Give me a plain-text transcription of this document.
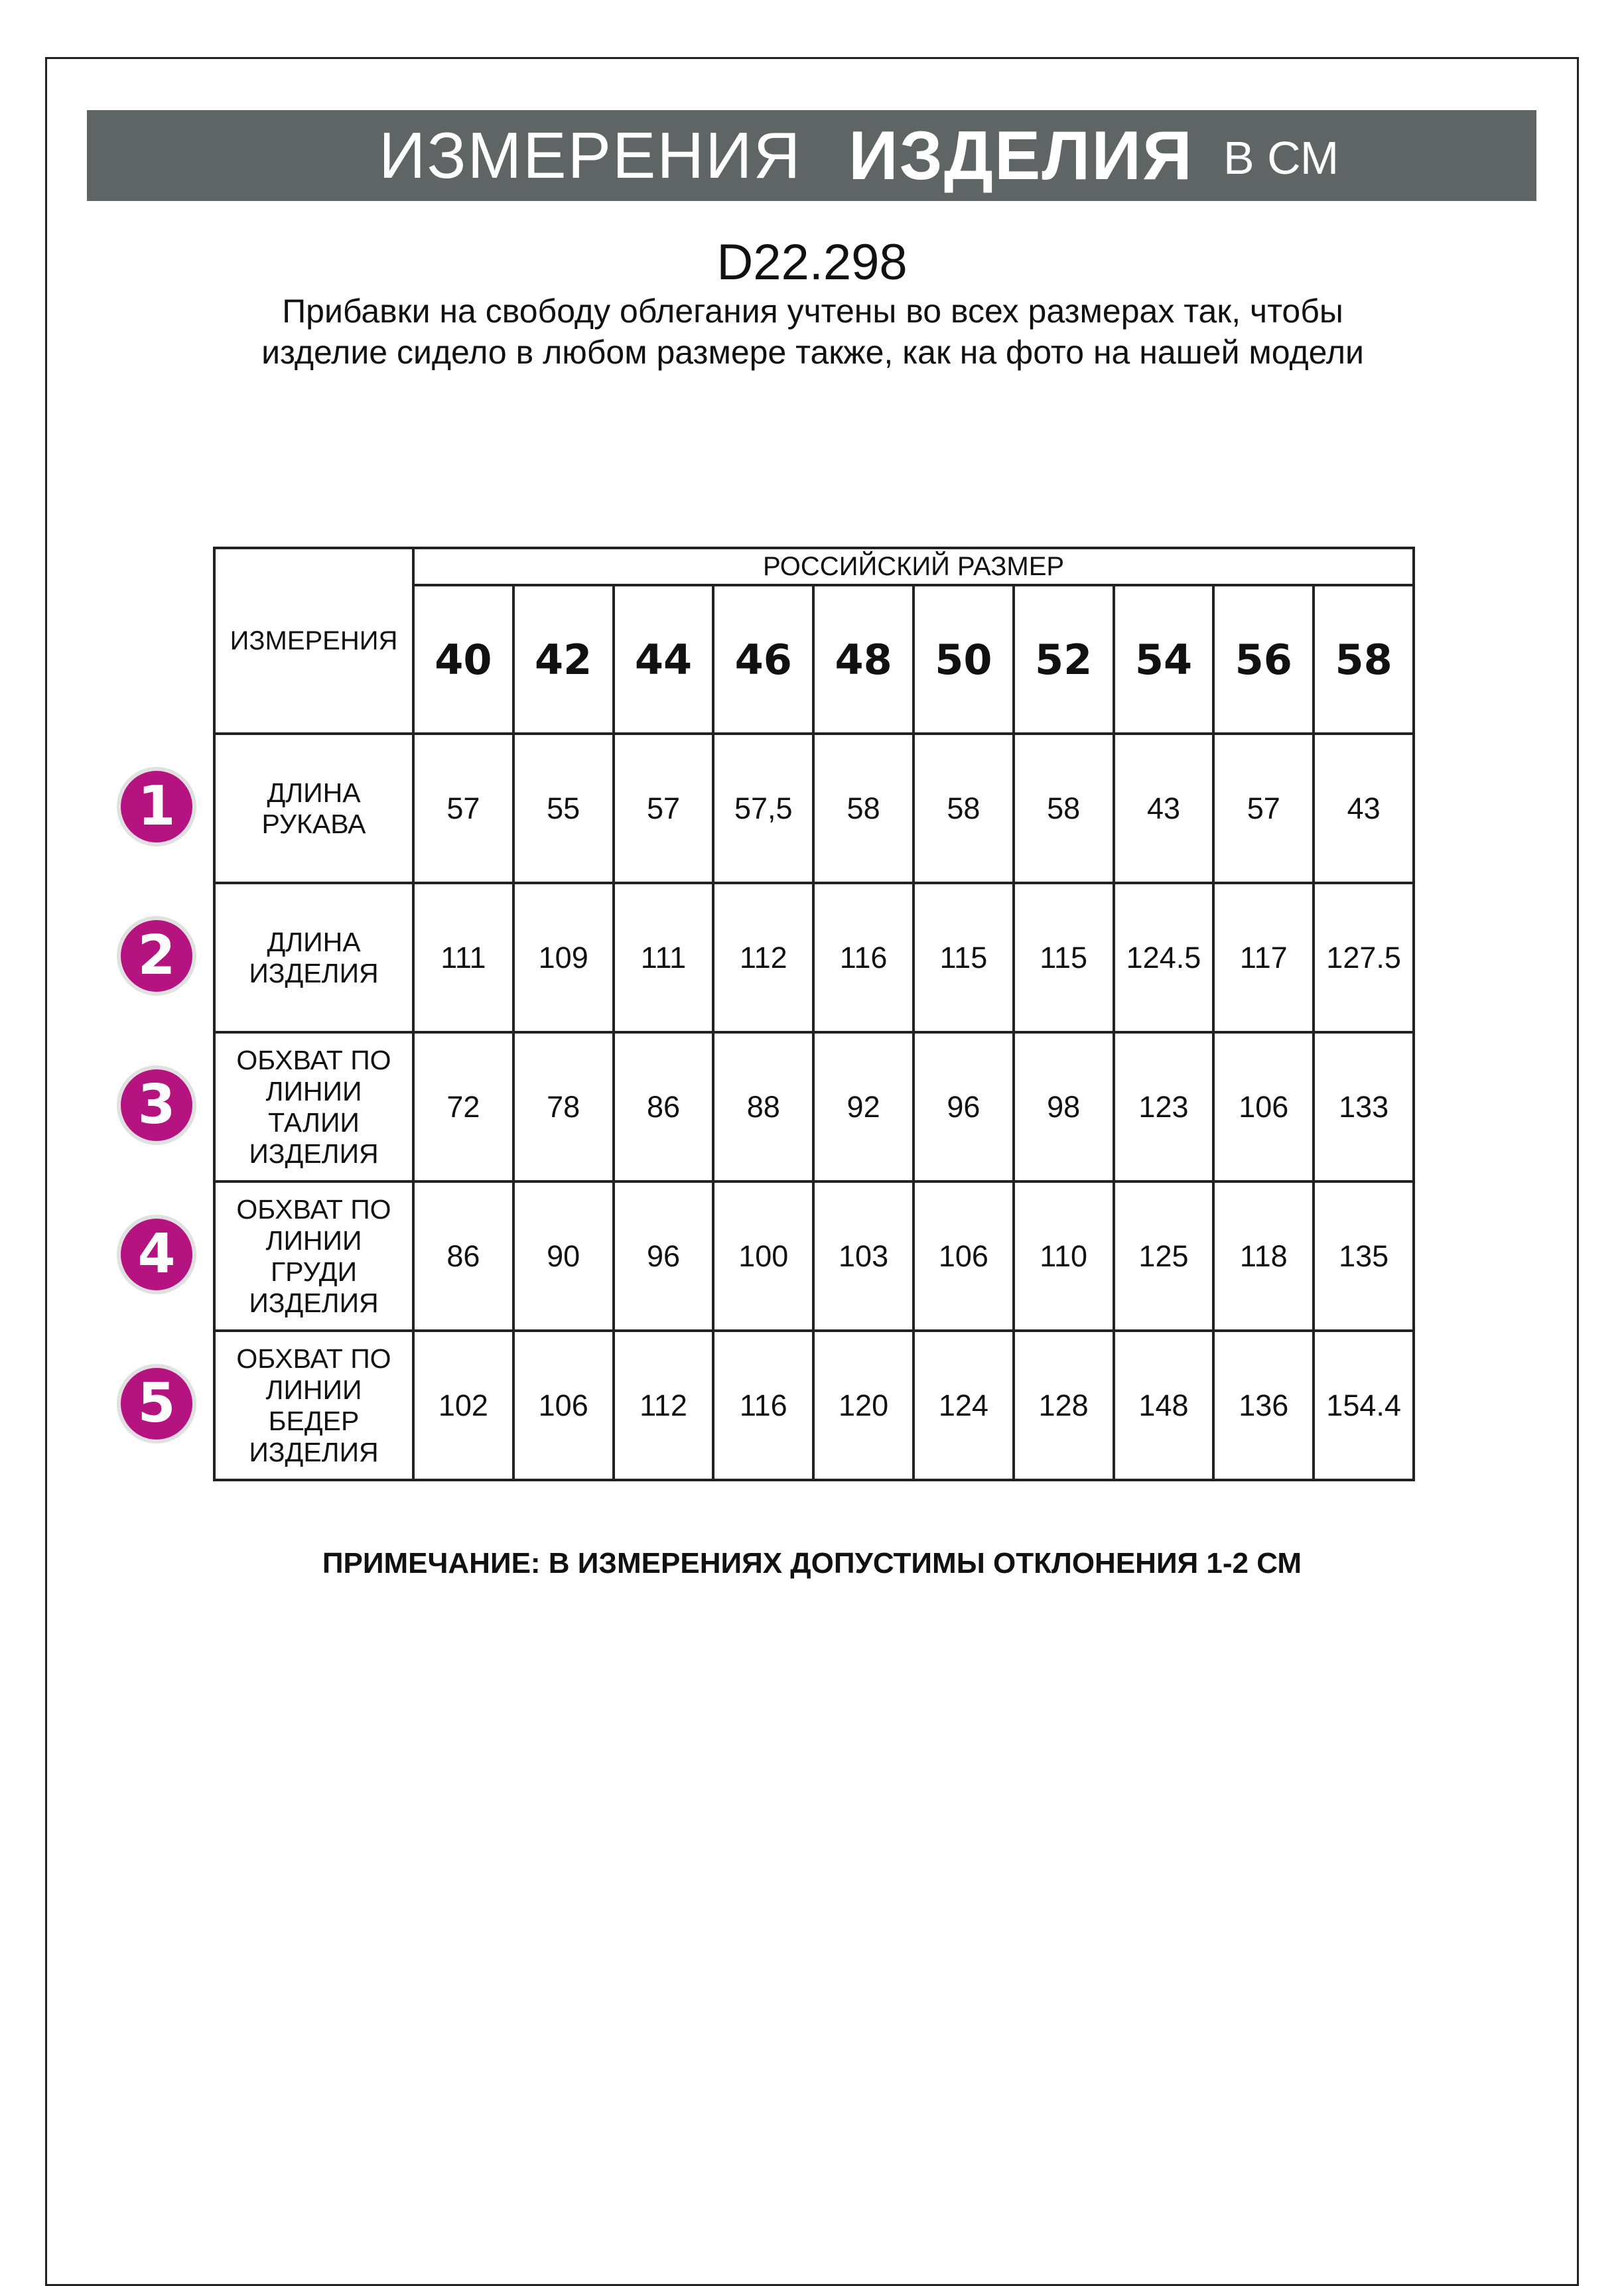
ИЗМЕРЕНИЯ ИЗДЕЛИЯ В СМ
D22.298
Прибавки на свободу облегания учтены во всех размерах так, чтобы изделие сидело в любом размере также, как на фото на нашей модели
ИЗМЕРЕНИЯ	РОССИЙСКИЙ РАЗМЕР									
	40	42	44	46	48	50	52	54	56	58
ДЛИНА
РУКАВА	57	55	57	57,5	58	58	58	43	57	43
ДЛИНА
ИЗДЕЛИЯ	111	109	111	112	116	115	115	124.5	117	127.5
ОБХВАТ ПО
ЛИНИИ
ТАЛИИ
ИЗДЕЛИЯ	72	78	86	88	92	96	98	123	106	133
ОБХВАТ ПО
ЛИНИИ
ГРУДИ
ИЗДЕЛИЯ	86	90	96	100	103	106	110	125	118	135
ОБХВАТ ПО
ЛИНИИ
БЕДЕР
ИЗДЕЛИЯ	102	106	112	116	120	124	128	148	136	154.4
1
2
3
4
5
ПРИМЕЧАНИЕ: В ИЗМЕРЕНИЯХ ДОПУСТИМЫ ОТКЛОНЕНИЯ 1-2 СМ
